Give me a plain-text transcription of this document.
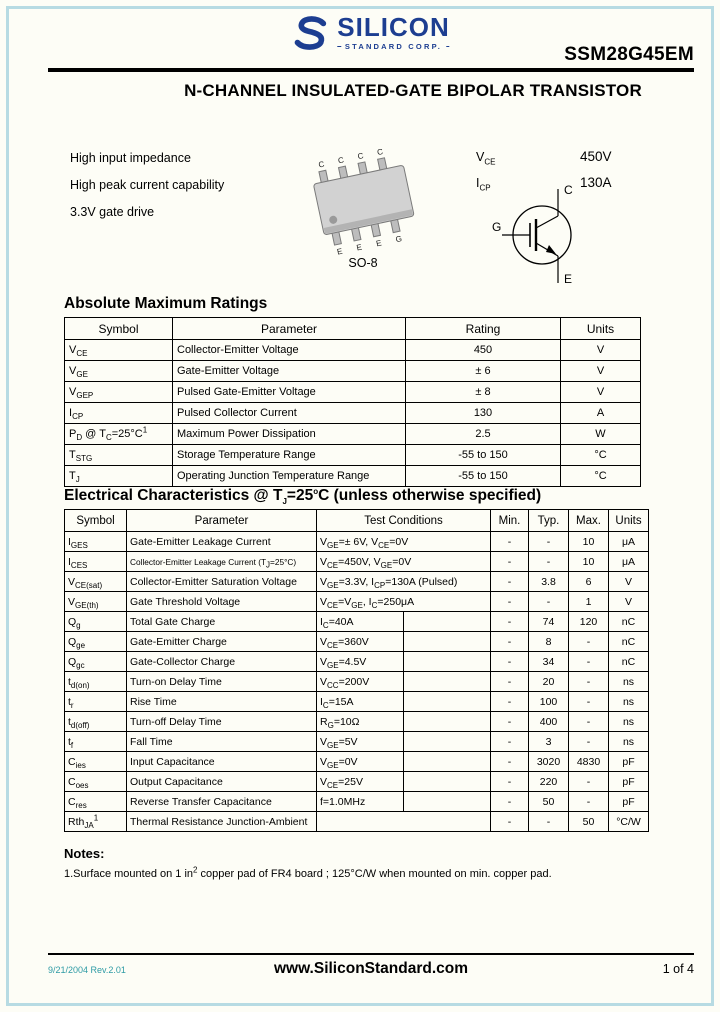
SILICON
STANDARD CORP.	SSM28G45EM
N-CHANNEL INSULATED-GATE BIPOLAR TRANSISTOR
High input impedance
High peak current capability
3.3V gate drive
C C C C
E E E G
SO-8
$V_{CE}$	450V
$I_{CP}$	130A
C
G
E
Absolute Maximum Ratings
Symbol	Parameter	Rating	Units
$V_{CE}$	Collector-Emitter Voltage	450	V
$V_{GE}$	Gate-Emitter Voltage	± 6	V
$V_{GEP}$	Pulsed Gate-Emitter Voltage	± 8	V
$I_{CP}$	Pulsed Collector Current	130	A
$P_D$ @ $T_C=25^\circ C^1$	Maximum Power Dissipation	2.5	W
$T_{STG}$	Storage Temperature Range	-55 to 150	°C
$T_J$	Operating Junction Temperature Range	-55 to 150	°C
Electrical Characteristics @ $T_J=25^oC$ (unless otherwise specified)
Symbol	Parameter	Test Conditions		Min.	Typ.	Max.	Units
$I_{GES}$	Gate-Emitter Leakage Current	$V_{GE}=\pm 6V$, $V_{CE}=0V$		-	-	10	μA
$I_{CES}$	Collector-Emitter Leakage Current $(T_J=25^\circ C)$	$V_{CE}=450V$, $V_{GE}=0V$		-	-	10	μA
$V_{CE(sat)}$	Collector-Emitter Saturation Voltage	$V_{GE}=3.3V$, $I_{CP}=130A$ (Pulsed)		-	3.8	6	V
$V_{GE(th)}$	Gate Threshold Voltage	$V_{CE}=V_{GE}$, $I_C=250\mu A$		-	-	1	V
$Q_g$	Total Gate Charge	$I_C=40A$		-	74	120	nC
$Q_{ge}$	Gate-Emitter Charge	$V_{CE}=360V$		-	8	-	nC
$Q_{gc}$	Gate-Collector Charge	$V_{GE}=4.5V$		-	34	-	nC
$t_{d(on)}$	Turn-on Delay Time	$V_{CC}=200V$		-	20	-	ns
$t_r$	Rise Time	$I_C=15A$		-	100	-	ns
$t_{d(off)}$	Turn-off Delay Time	$R_G=10\Omega$		-	400	-	ns
$t_f$	Fall Time	$V_{GE}=5V$		-	3	-	ns
$C_{ies}$	Input Capacitance	$V_{GE}=0V$		-	3020	4830	pF
$C_{oes}$	Output Capacitance	$V_{CE}=25V$		-	220	-	pF
$C_{res}$	Reverse Transfer Capacitance	f=1.0MHz		-	50	-	pF
Rth$_{JA}^1$	Thermal Resistance Junction-Ambient			-	-	50	°C/W
Notes:
1.Surface mounted on 1 $in^2$ copper pad of FR4 board ; 125°C/W when mounted on min. copper pad.
9/21/2004 Rev.2.01	www.SiliconStandard.com	1 of 4
